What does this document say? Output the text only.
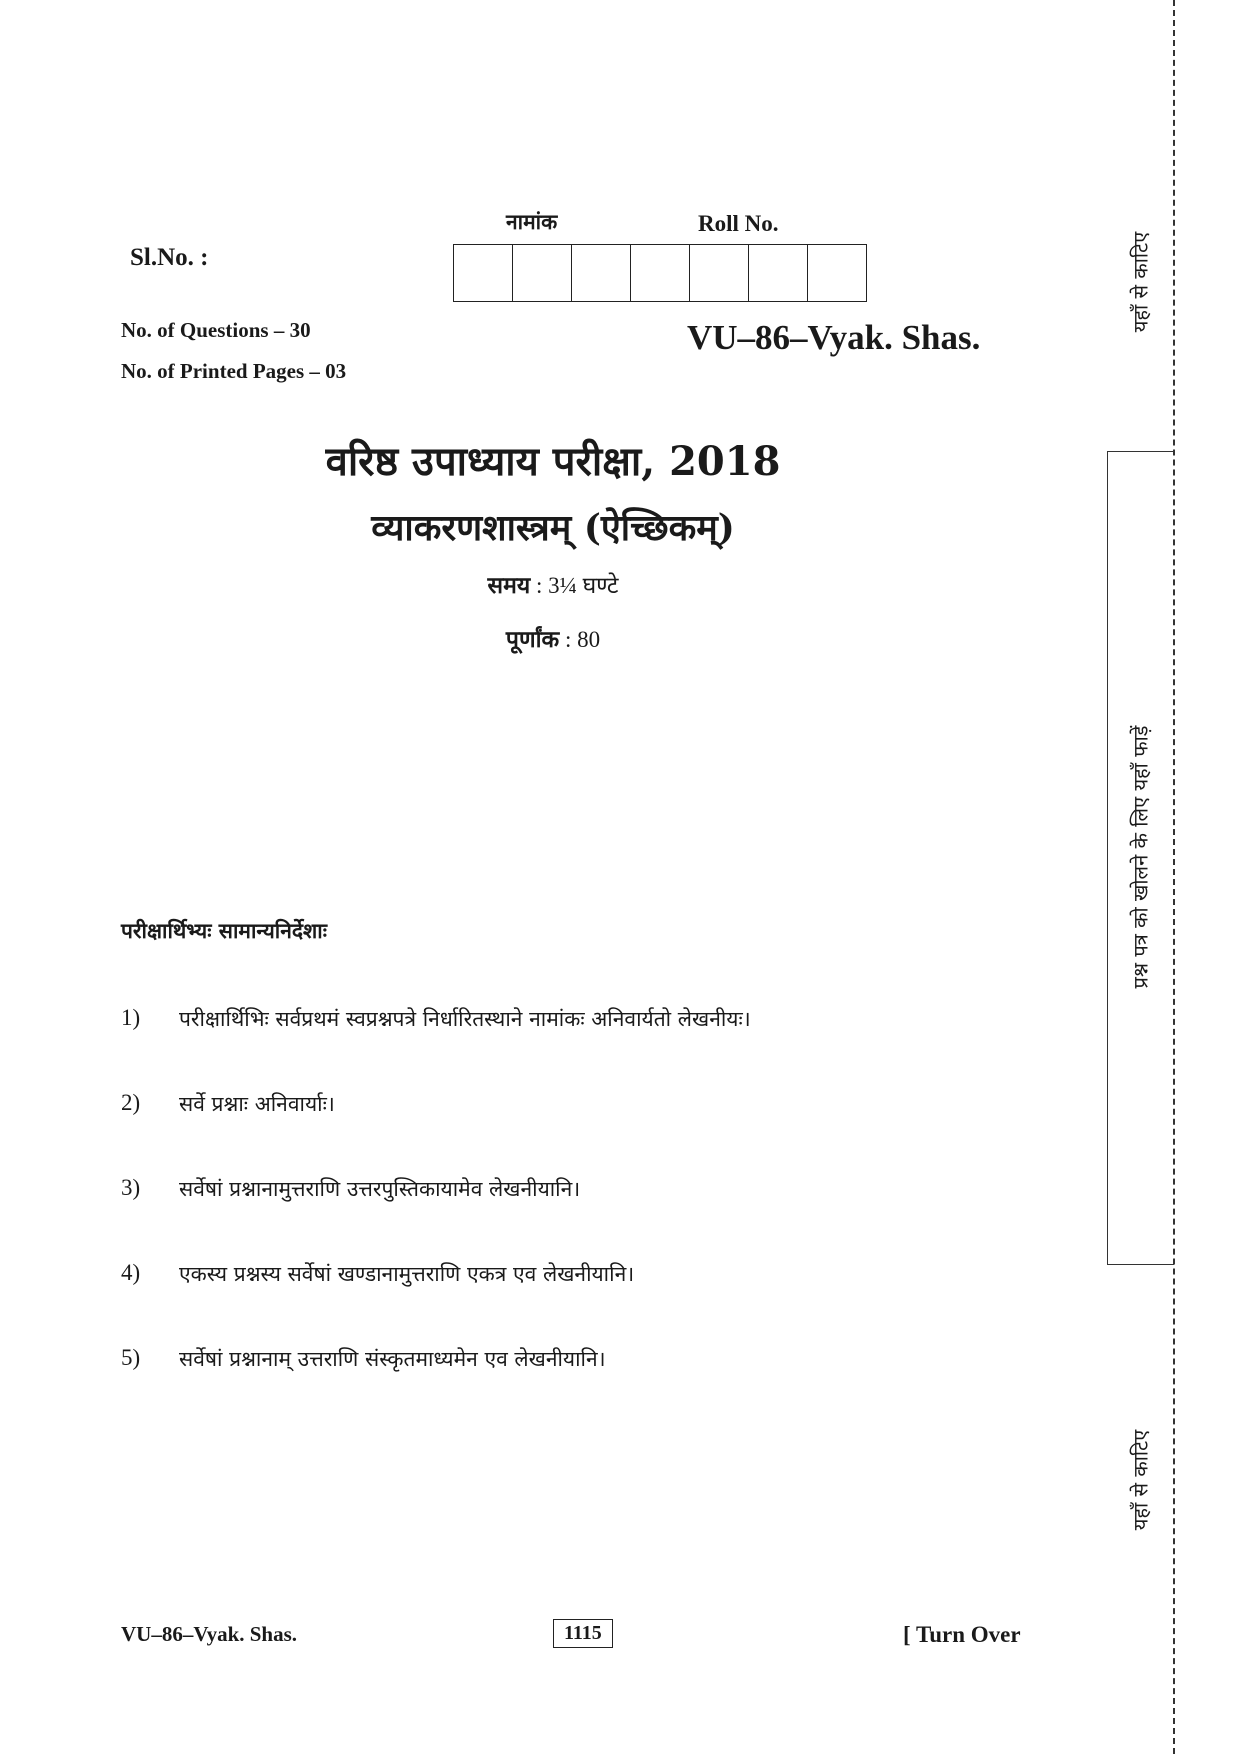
Sl.No. :
नामांक	Roll No.
No. of Questions – 30
No. of Printed Pages – 03
VU–86–Vyak. Shas.
वरिष्ठ उपाध्याय परीक्षा, 2018
व्याकरणशास्त्रम् (ऐच्छिकम्)
समय : 3¼ घण्टे
पूर्णांक : 80
परीक्षार्थिभ्यः सामान्यनिर्देशाः
1)	परीक्षार्थिभिः सर्वप्रथमं स्वप्रश्नपत्रे निर्धारितस्थाने नामांकः अनिवार्यतो लेखनीयः।
2)	सर्वे प्रश्नाः अनिवार्याः।
3)	सर्वेषां प्रश्नानामुत्तराणि उत्तरपुस्तिकायामेव लेखनीयानि।
4)	एकस्य प्रश्नस्य सर्वेषां खण्डानामुत्तराणि एकत्र एव लेखनीयानि।
5)	सर्वेषां प्रश्नानाम् उत्तराणि संस्कृतमाध्यमेन एव लेखनीयानि।
VU–86–Vyak. Shas.	1115	[ Turn Over
यहाँ से काटिए
प्रश्न पत्र को खोलने के लिए यहाँ फाड़ें
यहाँ से काटिए
